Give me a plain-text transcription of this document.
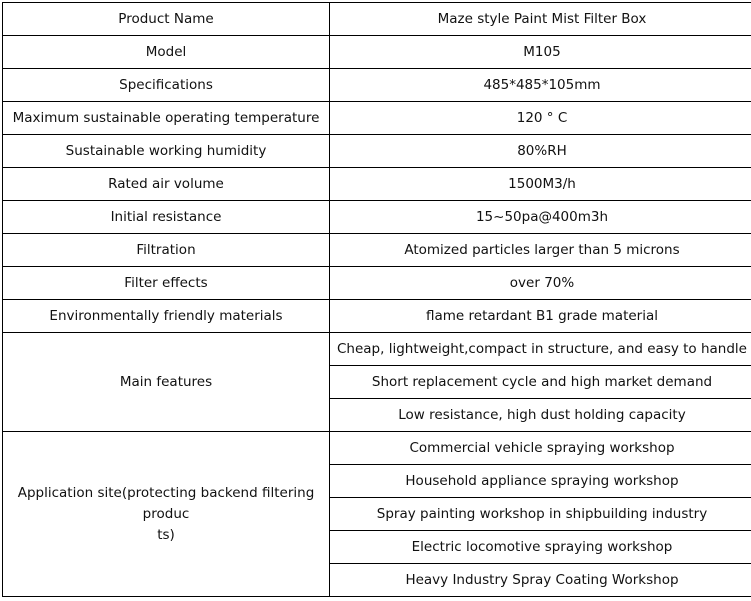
Product Name	Maze style Paint Mist Filter Box
Model	M105
Specifications	485*485*105mm
Maximum sustainable operating temperature	120 ° C
Sustainable working humidity	80%RH
Rated air volume	1500M3/h
Initial resistance	15~50pa@400m3h
Filtration	Atomized particles larger than 5 microns
Filter effects	over 70%
Environmentally friendly materials	flame retardant B1 grade material
Main features	Cheap, lightweight,compact in structure, and easy to handle
	Short replacement cycle and high market demand
	Low resistance, high dust holding capacity

Application site(protecting backend filtering produc
ts)	Commercial vehicle spraying workshop
	Household appliance spraying workshop
	Spray painting workshop in shipbuilding industry
	Electric locomotive spraying workshop
	Heavy Industry Spray Coating Workshop
